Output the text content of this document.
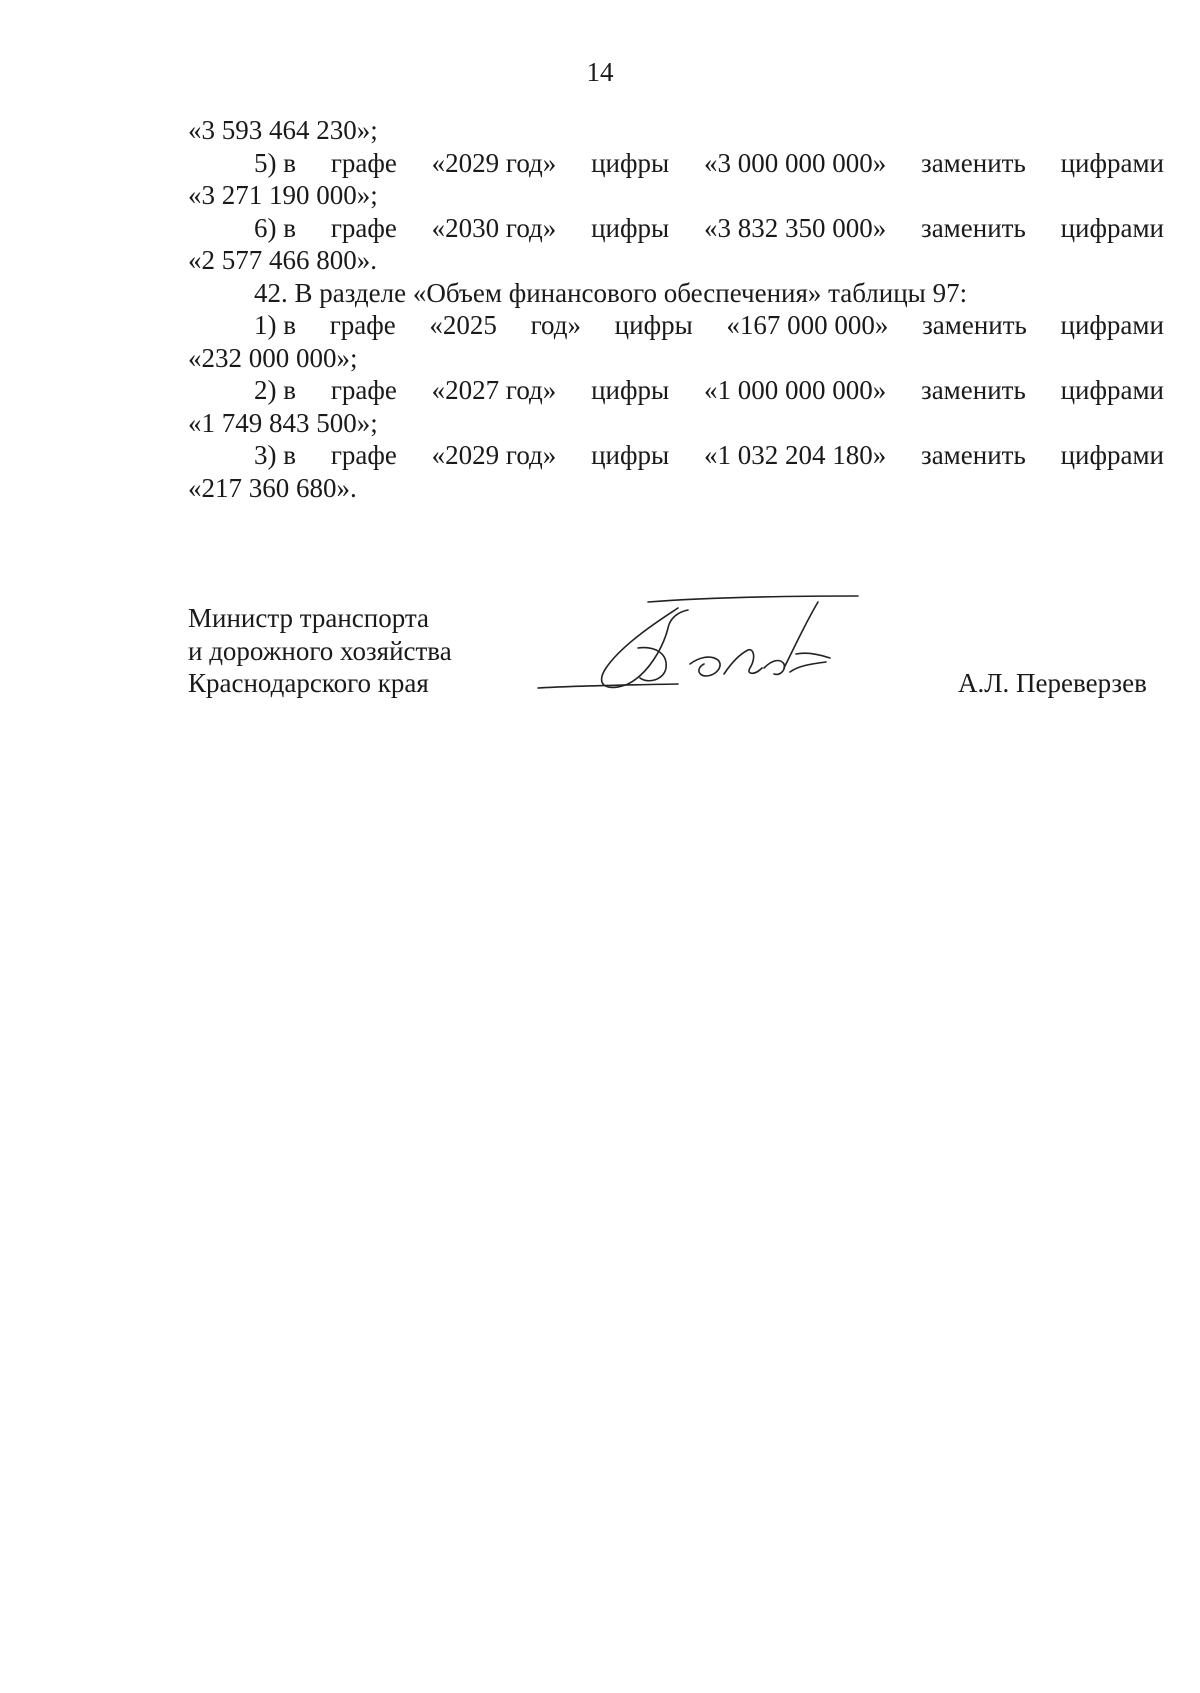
14
«3 593 464 230»;
5) в графе «2029 год» цифры «3 000 000 000» заменить цифрами
«3 271 190 000»;
6) в графе «2030 год» цифры «3 832 350 000» заменить цифрами
«2 577 466 800».
42. В разделе «Объем финансового обеспечения» таблицы 97:
1) в графе «2025 год» цифры «167 000 000» заменить цифрами
«232 000 000»;
2) в графе «2027 год» цифры «1 000 000 000» заменить цифрами
«1 749 843 500»;
3) в графе «2029 год» цифры «1 032 204 180» заменить цифрами
«217 360 680».
Министр транспорта
и дорожного хозяйства
Краснодарского края	А.Л. Переверзев
